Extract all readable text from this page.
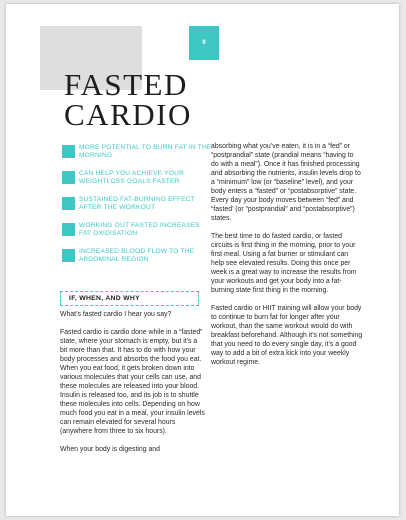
9
FASTED
CARDIO
MORE POTENTIAL TO BURN FAT IN THE MORNING
CAN HELP YOU ACHIEVE YOUR WEIGHTLOSS GOALS FASTER
SUSTAINED FAT-BURNING EFFECT AFTER THE WORKOUT
WORKING OUT FASTED INCREASES FAT OXIDISATION
INCREASED BLOOD FLOW TO THE ABDOMINAL REGION
IF, WHEN, AND WHY

What’s fasted cardio I hear you say?

Fasted cardio is cardio done while in a “fasted” state, where your stomach is empty, but it’s a bit more than that. It has to do with how your body processes and absorbs the food you eat. When you eat food, it gets broken down into various molecules that your cells can use, and these molecules are released into your blood. Insulin is released too, and its job is to shuttle these molecules into cells. Depending on how much food you eat in a meal, your insulin levels can remain elevated for several hours (anywhere from three to six hours).

When your body is digesting and

absorbing what you’ve eaten, it is in a “fed” or “postprandial” state (prandial means “having to do with a meal”). Once it has finished processing and absorbing the nutrients, insulin levels drop to a “minimum” low (or “baseline” level), and your body enters a “fasted” or “postabsorptive” state. Every day your body moves between “fed” and “fasted’ (or “postprandial” and “postabsorptive”) states.

The best time to do fasted cardio, or fasted circuits is first thing in the morning, prior to your first meal. Using a fat burner or stimulant can help see elevated results. Doing this once per week is a great way to increase the results from your workouts and get your body into a fat-burning state first thing in the morning.

Fasted cardio or HIIT training will allow your body to continue to burn fat for longer after your workout, than the same workout would do with breakfast beforehand. Although it’s not something that you need to do every single day, it’s a good way to add a bit of extra kick into your weekly workout regime.
